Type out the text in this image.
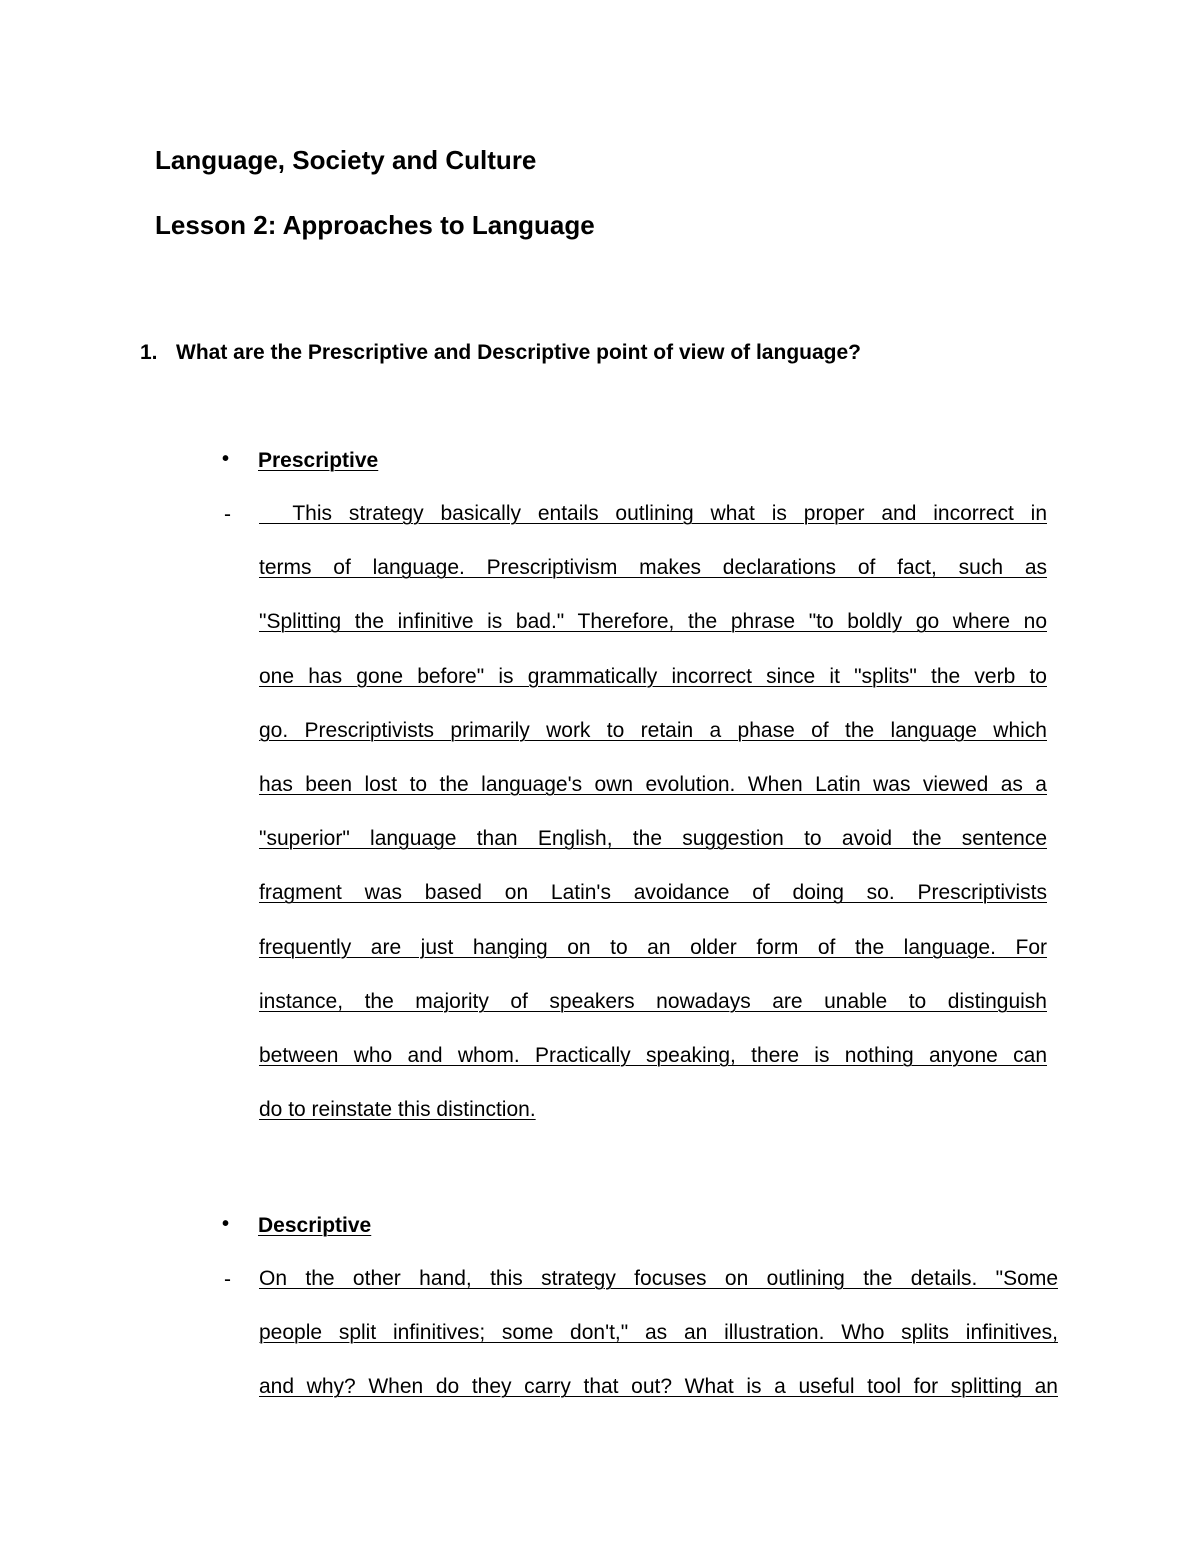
Language, Society and Culture
Lesson 2: Approaches to Language
1. What are the Prescriptive and Descriptive point of view of language?
• Prescriptive
- This strategy basically entails outlining what is proper and incorrect in
terms of language. Prescriptivism makes declarations of fact, such as
"Splitting the infinitive is bad." Therefore, the phrase "to boldly go where no
one has gone before" is grammatically incorrect since it "splits" the verb to
go. Prescriptivists primarily work to retain a phase of the language which
has been lost to the language's own evolution. When Latin was viewed as a
"superior" language than English, the suggestion to avoid the sentence
fragment was based on Latin's avoidance of doing so. Prescriptivists
frequently are just hanging on to an older form of the language. For
instance, the majority of speakers nowadays are unable to distinguish
between who and whom. Practically speaking, there is nothing anyone can
do to reinstate this distinction.
• Descriptive
- On the other hand, this strategy focuses on outlining the details. "Some
people split infinitives; some don't," as an illustration. Who splits infinitives,
and why? When do they carry that out? What is a useful tool for splitting an
